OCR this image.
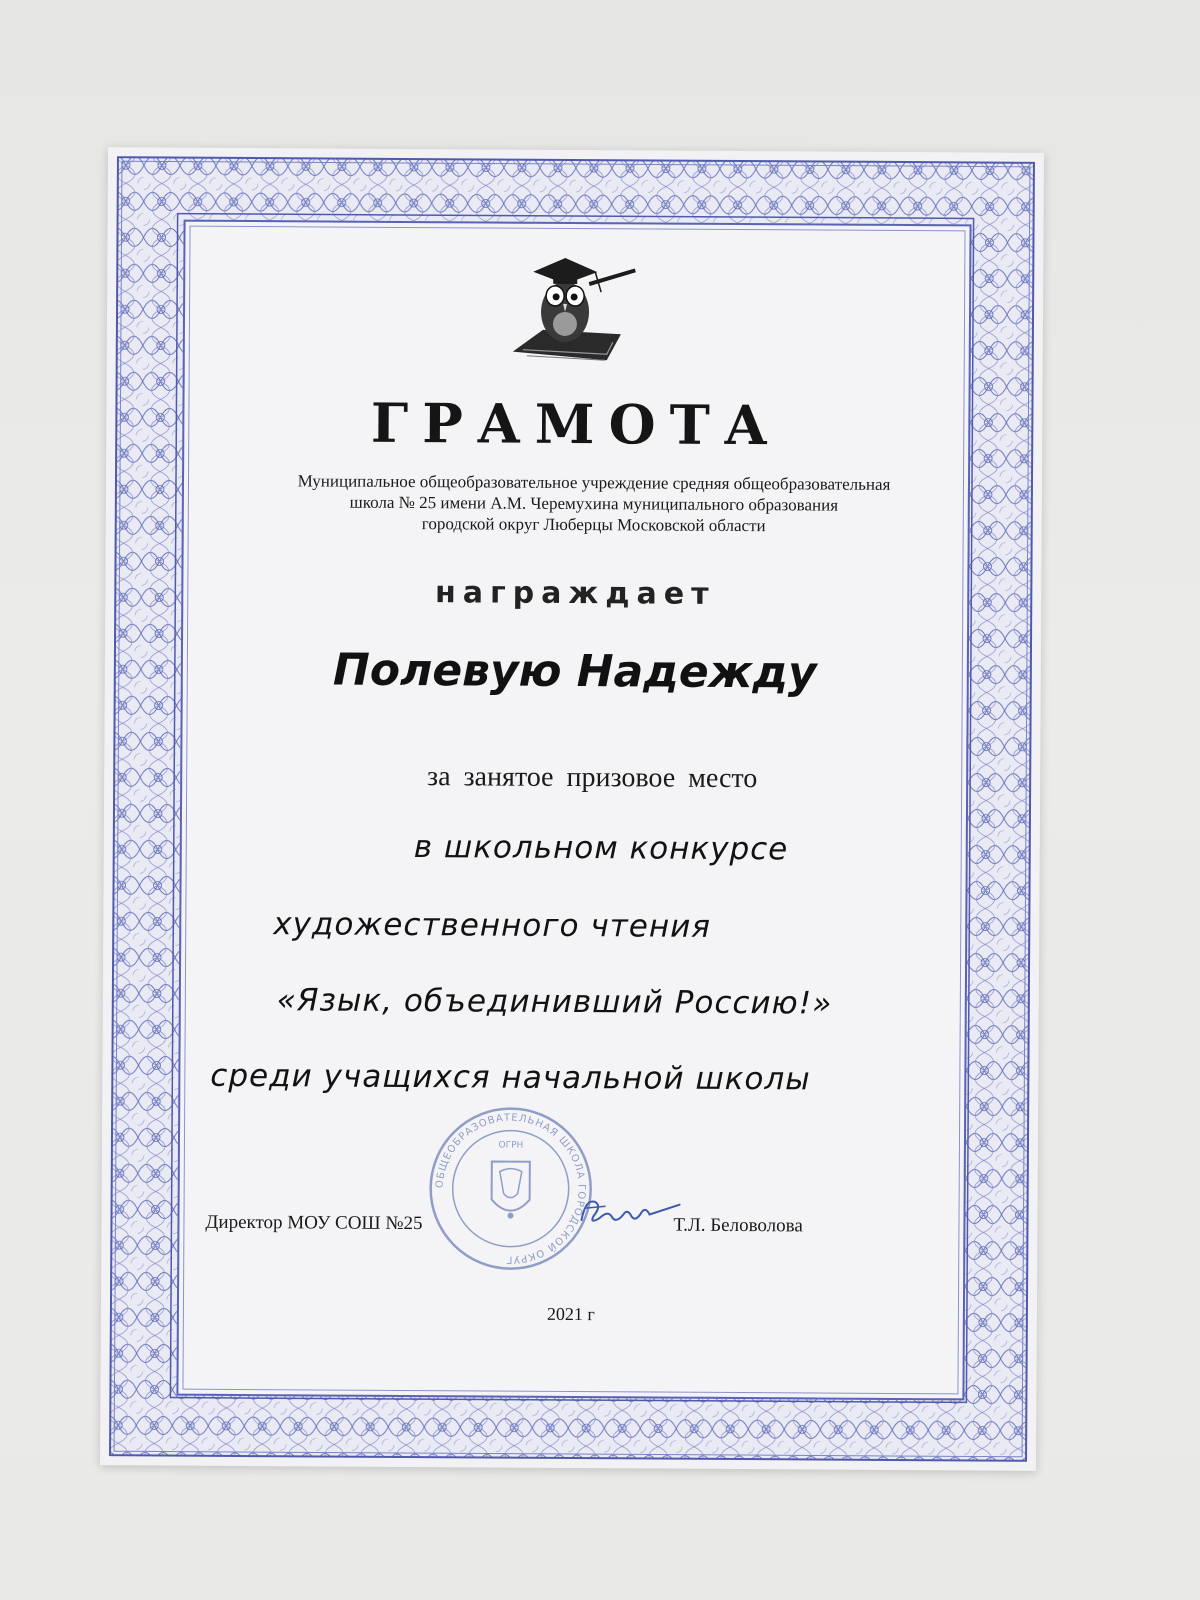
ГРАМОТА
Муниципальное общеобразовательное учреждение средняя общеобразовательная
школа № 25 имени А.М. Черемухина муниципального образования
городской округ Люберцы Московской области
награждает
Полевую Надежду
за занятое призовое место
в школьном конкурсе
художественного чтения
«Язык, объединивший Россию!»
среди учащихся начальной школы
ОБЩЕОБРАЗОВАТЕЛЬНАЯ ШКОЛА ГОРОДСКОЙ ОКРУГ
ОГРН
Директор МОУ СОШ №25	Т.Л. Беловолова
2021 г
